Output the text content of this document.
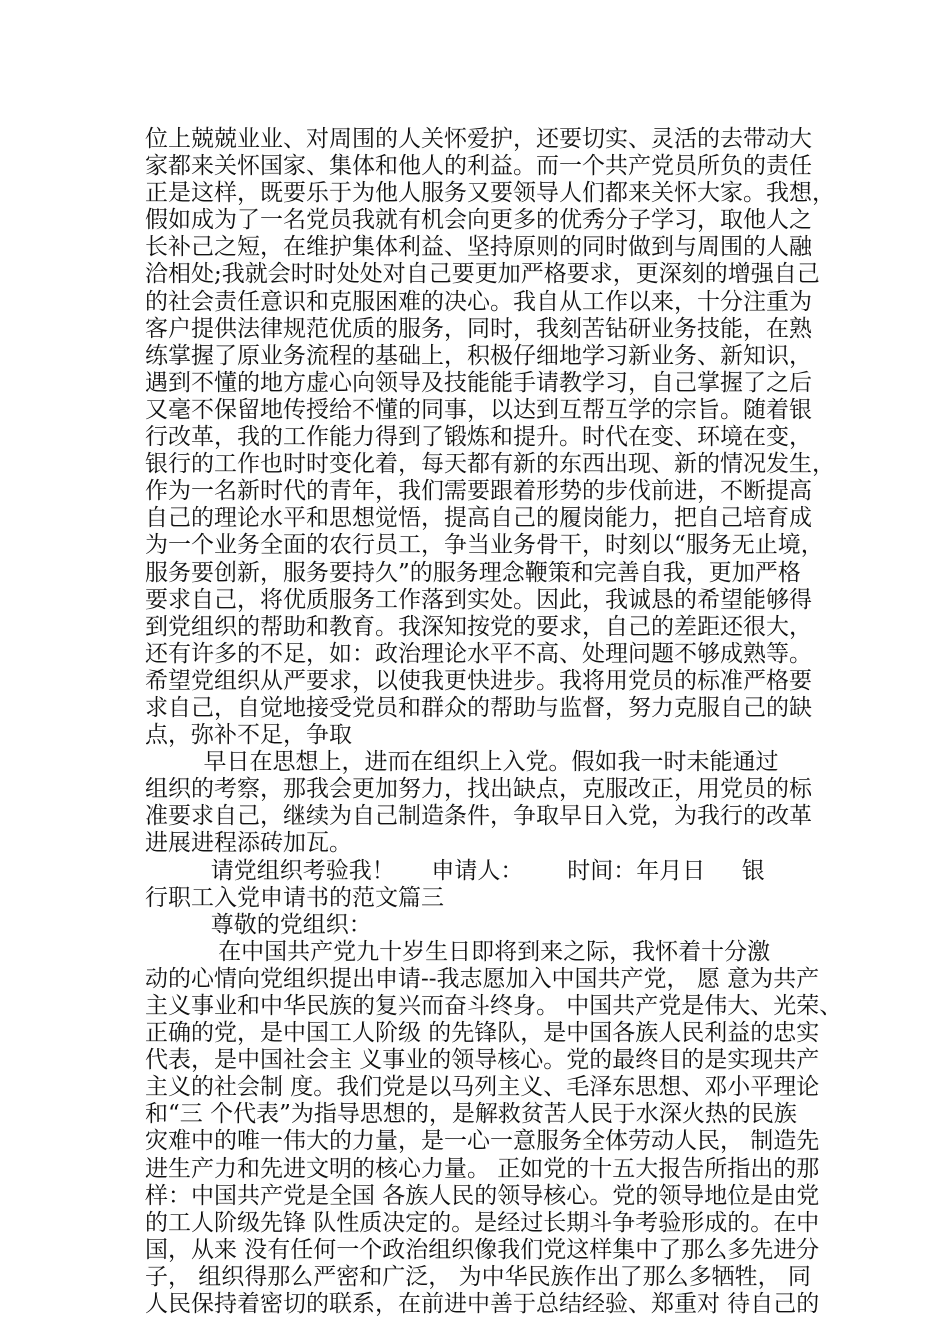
位上兢兢业业、对周围的人关怀爱护，还要切实、灵活的去带动大
家都来关怀国家、集体和他人的利益。而一个共产党员所负的责任
正是这样，既要乐于为他人服务又要领导人们都来关怀大家。我想，
假如成为了一名党员我就有机会向更多的优秀分子学习，取他人之
长补己之短，在维护集体利益、坚持原则的同时做到与周围的人融
洽相处;我就会时时处处对自己要更加严格要求，更深刻的增强自己
的社会责任意识和克服困难的决心。我自从工作以来，十分注重为
客户提供法律规范优质的服务，同时，我刻苦钻研业务技能，在熟
练掌握了原业务流程的基础上，积极仔细地学习新业务、新知识，
遇到不懂的地方虚心向领导及技能能手请教学习，自己掌握了之后
又毫不保留地传授给不懂的同事，以达到互帮互学的宗旨。随着银
行改革，我的工作能力得到了锻炼和提升。时代在变、环境在变，
银行的工作也时时变化着，每天都有新的东西出现、新的情况发生，
作为一名新时代的青年，我们需要跟着形势的步伐前进，不断提高
自己的理论水平和思想觉悟，提高自己的履岗能力，把自己培育成
为一个业务全面的农行员工，争当业务骨干，时刻以“服务无止境，
服务要创新，服务要持久”的服务理念鞭策和完善自我，更加严格
要求自己，将优质服务工作落到实处。因此，我诚恳的希望能够得
到党组织的帮助和教育。我深知按党的要求，自己的差距还很大，
还有许多的不足，如：政治理论水平不高、处理问题不够成熟等。
希望党组织从严要求，以使我更快进步。我将用党员的标准严格要
求自己，自觉地接受党员和群众的帮助与监督，努力克服自己的缺
点，弥补不足，争取
早日在思想上，进而在组织上入党。假如我一时未能通过
组织的考察，那我会更加努力，找出缺点，克服改正，用党员的标
准要求自己，继续为自己制造条件，争取早日入党，为我行的改革
进展进程添砖加瓦。
请党组织考验我！     申请人：      时间：年月日     银
行职工入党申请书的范文篇三
尊敬的党组织：
在中国共产党九十岁生日即将到来之际，我怀着十分激
动的心情向党组织提出申请--我志愿加入中国共产党， 愿 意为共产
主义事业和中华民族的复兴而奋斗终身。 中国共产党是伟大、光荣、
正确的党，是中国工人阶级 的先锋队，是中国各族人民利益的忠实
代表，是中国社会主 义事业的领导核心。党的最终目的是实现共产
主义的社会制 度。我们党是以马列主义、毛泽东思想、邓小平理论
和“三 个代表”为指导思想的，是解救贫苦人民于水深火热的民族
灾难中的唯一伟大的力量，是一心一意服务全体劳动人民， 制造先
进生产力和先进文明的核心力量。 正如党的十五大报告所指出的那
样：中国共产党是全国 各族人民的领导核心。党的领导地位是由党
的工人阶级先锋 队性质决定的。是经过长期斗争考验形成的。在中
国，从来 没有任何一个政治组织像我们党这样集中了那么多先进分
子， 组织得那么严密和广泛， 为中华民族作出了那么多牺牲， 同
人民保持着密切的联系，在前进中善于总结经验、郑重对 待自己的
